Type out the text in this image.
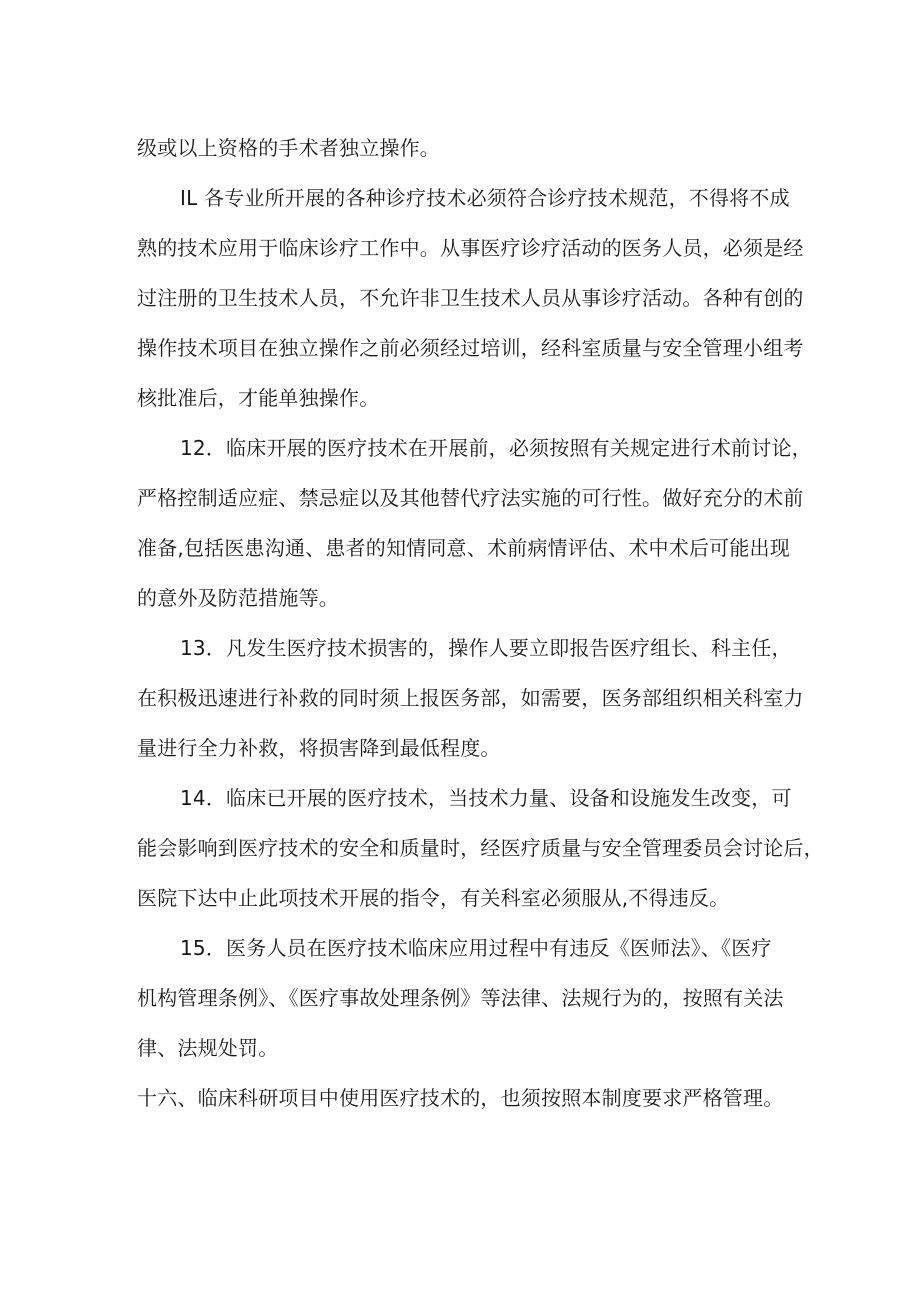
级或以上资格的手术者独立操作。
IL 各专业所开展的各种诊疗技术必须符合诊疗技术规范，不得将不成
熟的技术应用于临床诊疗工作中。从事医疗诊疗活动的医务人员，必须是经
过注册的卫生技术人员，不允许非卫生技术人员从事诊疗活动。各种有创的
操作技术项目在独立操作之前必须经过培训，经科室质量与安全管理小组考
核批准后，才能单独操作。
12．临床开展的医疗技术在开展前，必须按照有关规定进行术前讨论，
严格控制适应症、禁忌症以及其他替代疗法实施的可行性。做好充分的术前
准备,包括医患沟通、患者的知情同意、术前病情评估、术中术后可能出现
的意外及防范措施等。
13．凡发生医疗技术损害的，操作人要立即报告医疗组长、科主任，
在积极迅速进行补救的同时须上报医务部，如需要，医务部组织相关科室力
量进行全力补救，将损害降到最低程度。
14．临床已开展的医疗技术，当技术力量、设备和设施发生改变，可
能会影响到医疗技术的安全和质量时，经医疗质量与安全管理委员会讨论后，
医院下达中止此项技术开展的指令，有关科室必须服从,不得违反。
15．医务人员在医疗技术临床应用过程中有违反《医师法》、《医疗
机构管理条例》、《医疗事故处理条例》等法律、法规行为的，按照有关法
律、法规处罚。
十六、临床科研项目中使用医疗技术的，也须按照本制度要求严格管理。
